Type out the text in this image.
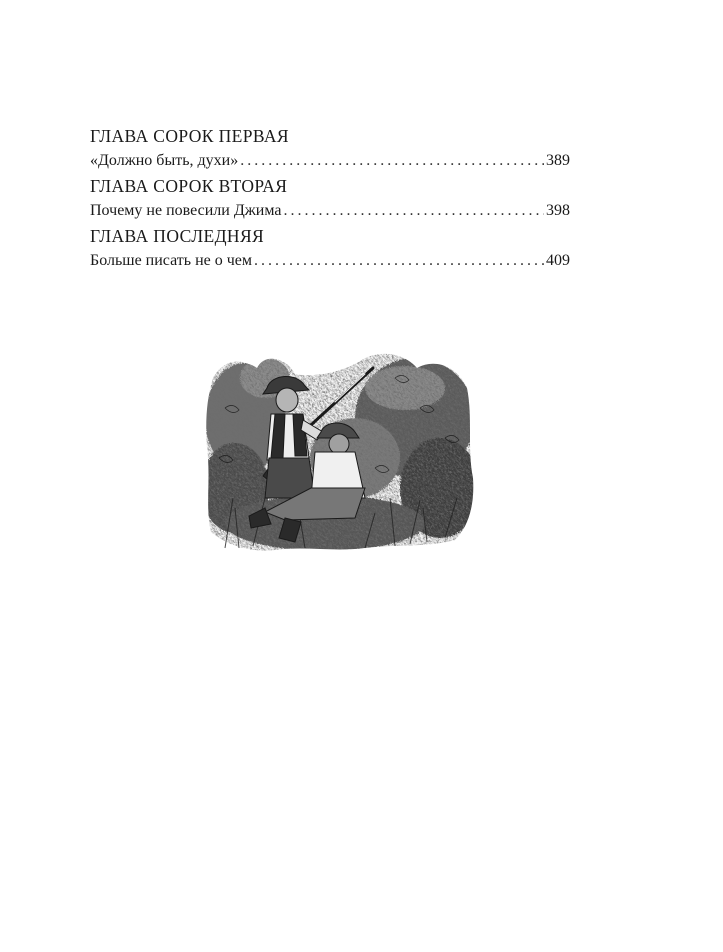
ГЛАВА СОРОК ПЕРВАЯ
«Должно быть, духи» . . .	389
ГЛАВА СОРОК ВТОРАЯ
Почему не повесили Джима . . .	398
ГЛАВА ПОСЛЕДНЯЯ
Больше писать не о чем . . .	409
